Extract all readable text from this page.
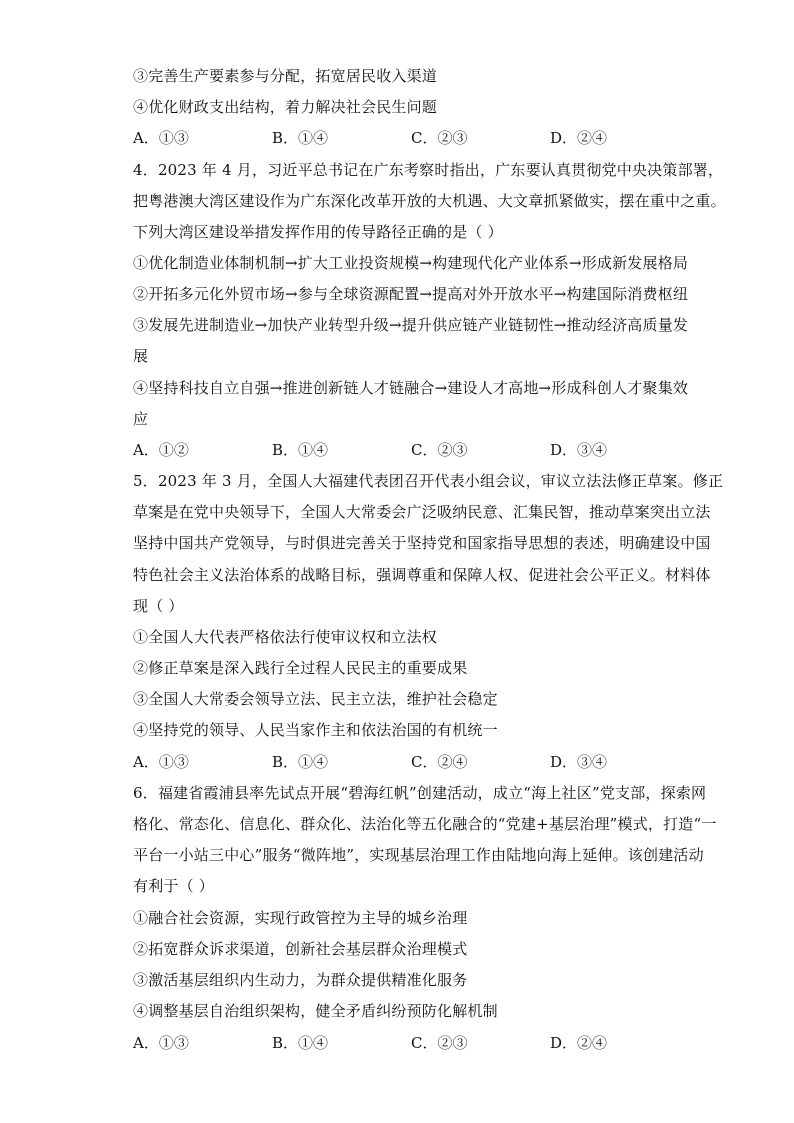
③完善生产要素参与分配，拓宽居民收入渠道
④优化财政支出结构，着力解决社会民生问题
A．①③	B．①④	C．②③	D．②④
4．2023 年 4 月，习近平总书记在广东考察时指出，广东要认真贯彻党中央决策部署，
把粤港澳大湾区建设作为广东深化改革开放的大机遇、大文章抓紧做实，摆在重中之重。
下列大湾区建设举措发挥作用的传导路径正确的是（ ）
①优化制造业体制机制→扩大工业投资规模→构建现代化产业体系→形成新发展格局
②开拓多元化外贸市场→参与全球资源配置→提高对外开放水平→构建国际消费枢纽
③发展先进制造业→加快产业转型升级→提升供应链产业链韧性→推动经济高质量发
展
④坚持科技自立自强→推进创新链人才链融合→建设人才高地→形成科创人才聚集效
应
A．①②	B．①④	C．②③	D．③④
5．2023 年 3 月，全国人大福建代表团召开代表小组会议，审议立法法修正草案。修正
草案是在党中央领导下，全国人大常委会广泛吸纳民意、汇集民智，推动草案突出立法
坚持中国共产党领导，与时俱进完善关于坚持党和国家指导思想的表述，明确建设中国
特色社会主义法治体系的战略目标，强调尊重和保障人权、促进社会公平正义。材料体
现（ ）
①全国人大代表严格依法行使审议权和立法权
②修正草案是深入践行全过程人民民主的重要成果
③全国人大常委会领导立法、民主立法，维护社会稳定
④坚持党的领导、人民当家作主和依法治国的有机统一
A．①③	B．①④	C．②④	D．③④
6．福建省霞浦县率先试点开展“碧海红帆”创建活动，成立“海上社区”党支部，探索网
格化、常态化、信息化、群众化、法治化等五化融合的“党建+基层治理”模式，打造“一
平台一小站三中心”服务“微阵地”，实现基层治理工作由陆地向海上延伸。该创建活动
有利于（ ）
①融合社会资源，实现行政管控为主导的城乡治理
②拓宽群众诉求渠道，创新社会基层群众治理模式
③激活基层组织内生动力，为群众提供精准化服务
④调整基层自治组织架构，健全矛盾纠纷预防化解机制
A．①③	B．①④	C．②③	D．②④
